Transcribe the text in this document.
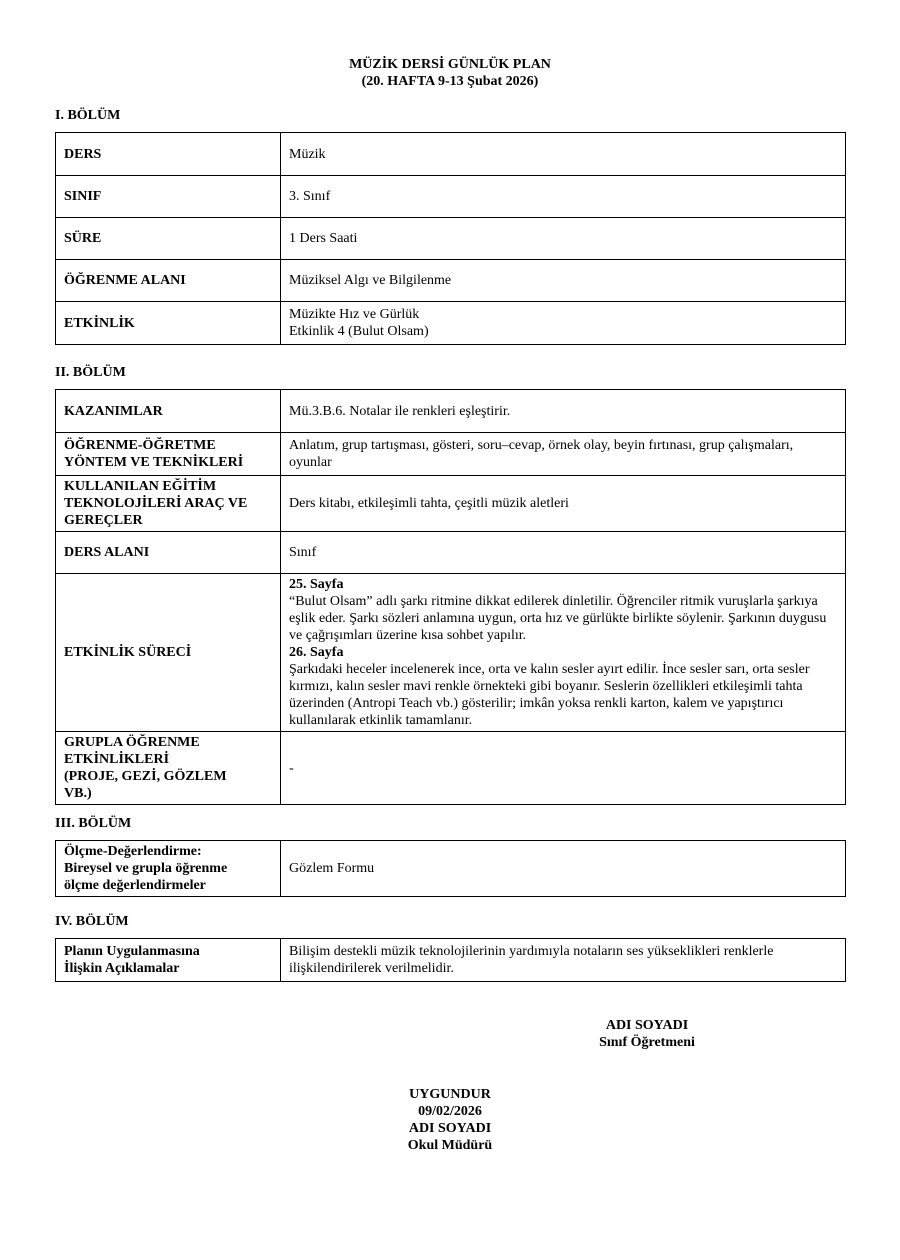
MÜZİK DERSİ GÜNLÜK PLAN
(20. HAFTA 9-13 Şubat 2026)
I. BÖLÜM
DERS	Müzik
SINIF	3. Sınıf
SÜRE	1 Ders Saati
ÖĞRENME ALANI	Müziksel Algı ve Bilgilenme
ETKİNLİK	Müzikte Hız ve Gürlük
Etkinlik 4 (Bulut Olsam)
II. BÖLÜM
KAZANIMLAR	Mü.3.B.6. Notalar ile renkleri eşleştirir.

ÖĞRENME-ÖĞRETME
YÖNTEM VE TEKNİKLERİ	Anlatım, grup tartışması, gösteri, soru–cevap, örnek olay, beyin fırtınası, grup çalışmaları, oyunlar

KULLANILAN EĞİTİM
TEKNOLOJİLERİ ARAÇ VE
GEREÇLER	Ders kitabı, etkileşimli tahta, çeşitli müzik aletleri
DERS ALANI	Sınıf
ETKİNLİK SÜRECİ	25. Sayfa
“Bulut Olsam” adlı şarkı ritmine dikkat edilerek dinletilir. Öğrenciler ritmik vuruşlarla şarkıya eşlik eder. Şarkı sözleri anlamına uygun, orta hız ve gürlükte birlikte söylenir. Şarkının duygusu ve çağrışımları üzerine kısa sohbet yapılır.
26. Sayfa
Şarkıdaki heceler incelenerek ince, orta ve kalın sesler ayırt edilir. İnce sesler sarı, orta sesler kırmızı, kalın sesler mavi renkle örnekteki gibi boyanır. Seslerin özellikleri etkileşimli tahta üzerinden (Antropi Teach vb.) gösterilir; imkân yoksa renkli karton, kalem ve yapıştırıcı kullanılarak etkinlik tamamlanır.

GRUPLA ÖĞRENME
ETKİNLİKLERİ
(PROJE, GEZİ, GÖZLEM
VB.)	-
III. BÖLÜM
Ölçme-Değerlendirme:
Bireysel ve grupla öğrenme
ölçme değerlendirmeler
	Gözlem Formu
IV. BÖLÜM
Planın Uygulanmasına
İlişkin Açıklamalar
	Bilişim destekli müzik teknolojilerinin yardımıyla notaların ses yükseklikleri renklerle ilişkilendirilerek verilmelidir.
ADI SOYADI
Sınıf Öğretmeni
UYGUNDUR
09/02/2026
ADI SOYADI
Okul Müdürü
